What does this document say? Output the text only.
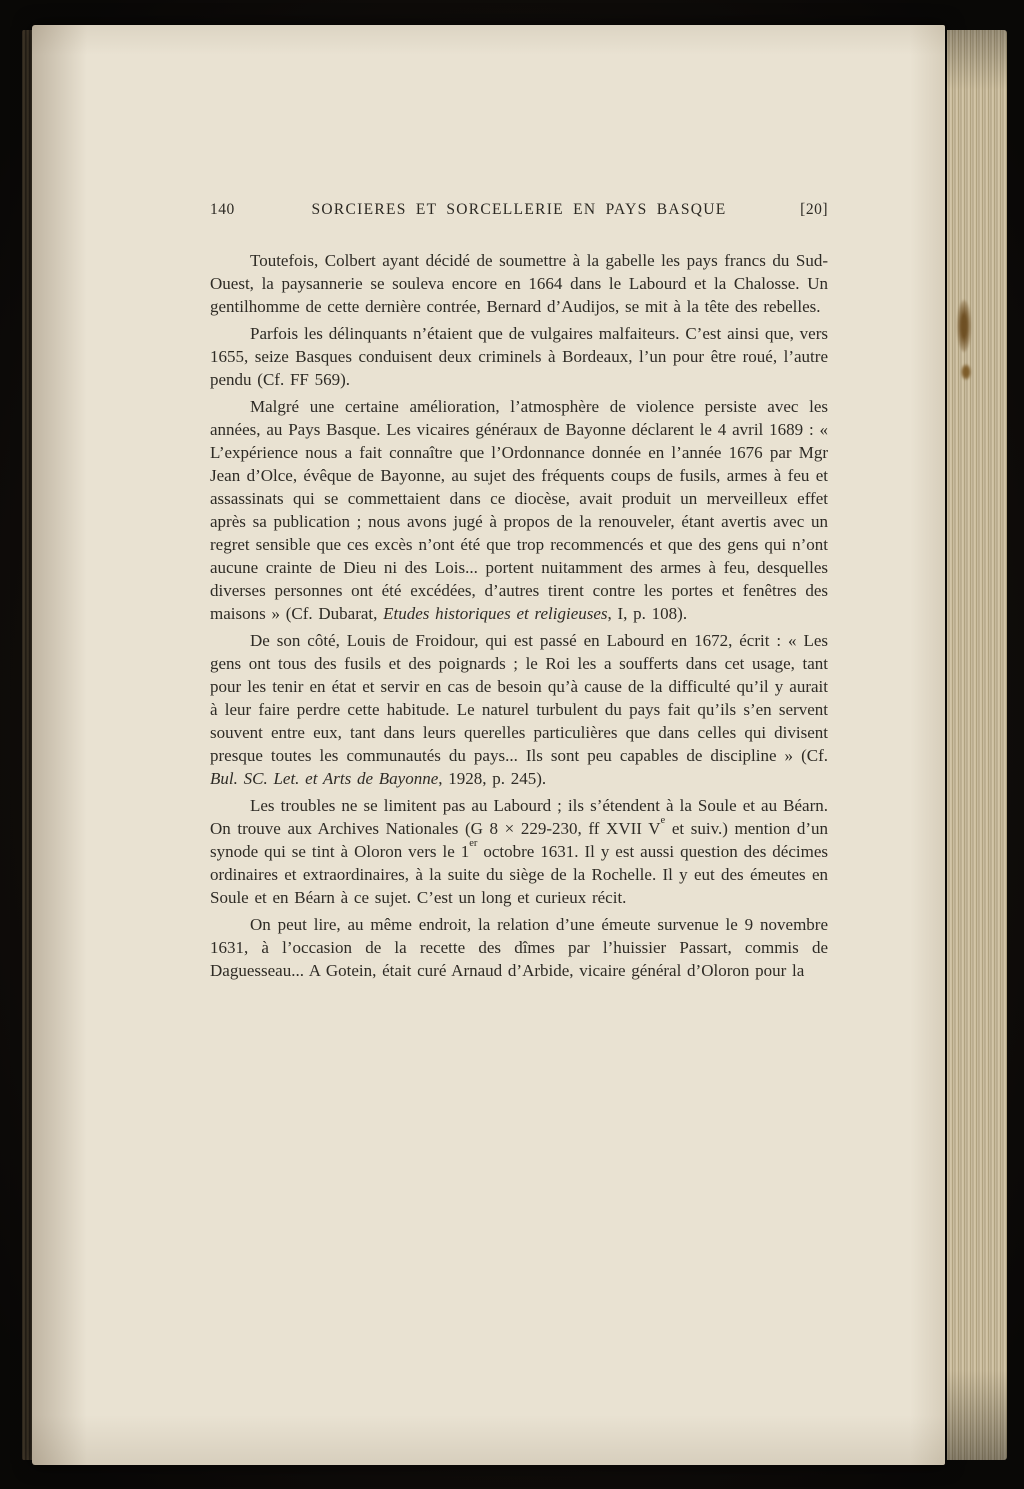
140	SORCIERES ET SORCELLERIE EN PAYS BASQUE	[20]

Toutefois, Colbert ayant décidé de soumettre à la gabelle les pays francs du Sud-Ouest, la paysannerie se souleva encore en 1664 dans le Labourd et la Chalosse. Un gentilhomme de cette dernière contrée, Bernard d’Audijos, se mit à la tête des rebelles.

Parfois les délinquants n’étaient que de vulgaires malfaiteurs. C’est ainsi que, vers 1655, seize Basques conduisent deux criminels à Bordeaux, l’un pour être roué, l’autre pendu (Cf. FF 569).

Malgré une certaine amélioration, l’atmosphère de violence persiste avec les années, au Pays Basque. Les vicaires généraux de Bayonne déclarent le 4 avril 1689 : « L’expérience nous a fait connaître que l’Ordonnance donnée en l’année 1676 par Mgr Jean d’Olce, évêque de Bayonne, au sujet des fréquents coups de fusils, armes à feu et assassinats qui se commettaient dans ce diocèse, avait produit un merveilleux effet après sa publication ; nous avons jugé à propos de la renouveler, étant avertis avec un regret sensible que ces excès n’ont été que trop recommencés et que des gens qui n’ont aucune crainte de Dieu ni des Lois... portent nuitamment des armes à feu, desquelles diverses personnes ont été excédées, d’autres tirent contre les portes et fenêtres des maisons » (Cf. Dubarat, Etudes historiques et religieuses, I, p. 108).

De son côté, Louis de Froidour, qui est passé en Labourd en 1672, écrit : « Les gens ont tous des fusils et des poignards ; le Roi les a soufferts dans cet usage, tant pour les tenir en état et servir en cas de besoin qu’à cause de la difficulté qu’il y aurait à leur faire perdre cette habitude. Le naturel turbulent du pays fait qu’ils s’en servent souvent entre eux, tant dans leurs querelles particulières que dans celles qui divisent presque toutes les communautés du pays... Ils sont peu capables de discipline » (Cf. Bul. SC. Let. et Arts de Bayonne, 1928, p. 245).

Les troubles ne se limitent pas au Labourd ; ils s’étendent à la Soule et au Béarn. On trouve aux Archives Nationales (G 8 × 229-230, ff XVII Ve et suiv.) mention d’un synode qui se tint à Oloron vers le 1er octobre 1631. Il y est aussi question des décimes ordinaires et extraordinaires, à la suite du siège de la Rochelle. Il y eut des émeutes en Soule et en Béarn à ce sujet. C’est un long et curieux récit.

On peut lire, au même endroit, la relation d’une émeute survenue le 9 novembre 1631, à l’occasion de la recette des dîmes par l’huissier Passart, commis de Daguesseau... A Gotein, était curé Arnaud d’Arbide, vicaire général d’Oloron pour la
